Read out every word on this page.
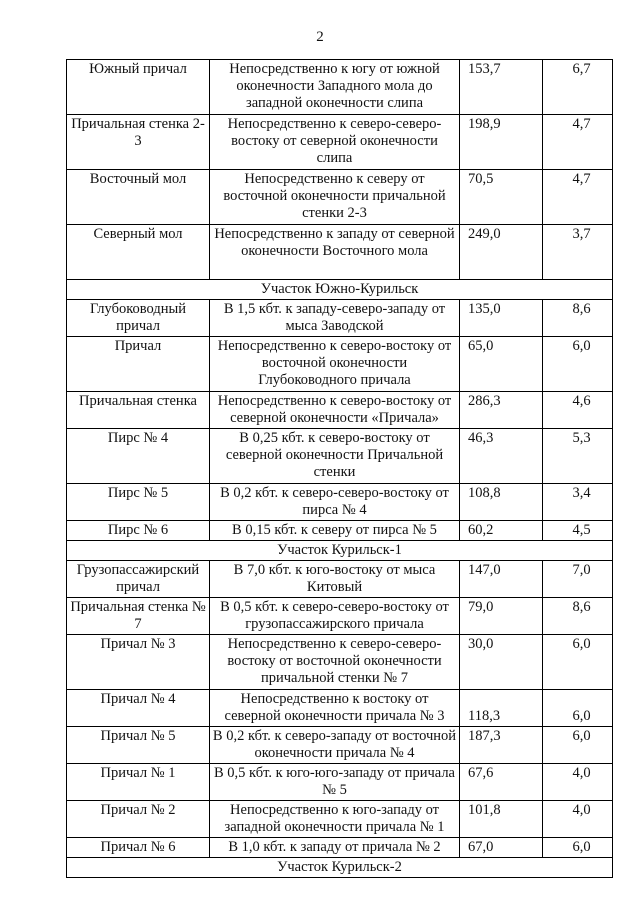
2
Южный причал	Непосредственно к югу от южной оконечности Западного мола до западной оконечности слипа	153,7	6,7
Причальная стенка 2-3	Непосредственно к северо-северо-востоку от северной оконечности слипа	198,9	4,7
Восточный мол	Непосредственно к северу от восточной оконечности причальной стенки 2-3	70,5	4,7
Северный мол	Непосредственно к западу от северной оконечности Восточного мола	249,0	3,7
Участок Южно-Курильск			
Глубоководный причал	В 1,5 кбт. к западу-северо-западу от мыса Заводской	135,0	8,6
Причал	Непосредственно к северо-востоку от восточной оконечности Глубоководного причала	65,0	6,0
Причальная стенка	Непосредственно к северо-востоку от северной оконечности «Причала»	286,3	4,6
Пирс № 4	В 0,25 кбт. к северо-востоку от северной оконечности Причальной стенки	46,3	5,3
Пирс № 5	В 0,2 кбт. к северо-северо-востоку от пирса № 4	108,8	3,4
Пирс № 6	В 0,15 кбт. к северу от пирса № 5	60,2	4,5
Участок Курильск-1			
Грузопассажирский причал	В 7,0 кбт. к юго-востоку от мыса Китовый	147,0	7,0
Причальная стенка № 7	В 0,5 кбт. к северо-северо-востоку от грузопассажирского причала	79,0	8,6
Причал № 3	Непосредственно к северо-северо-востоку от восточной оконечности причальной стенки № 7	30,0	6,0
Причал № 4	Непосредственно к востоку от северной оконечности причала № 3	118,3	6,0
Причал № 5	В 0,2 кбт. к северо-западу от восточной оконечности причала № 4	187,3	6,0
Причал № 1	В 0,5 кбт. к юго-юго-западу от причала № 5	67,6	4,0
Причал № 2	Непосредственно к юго-западу от западной оконечности причала № 1	101,8	4,0
Причал № 6	В 1,0 кбт. к западу от причала № 2	67,0	6,0
Участок Курильск-2			
